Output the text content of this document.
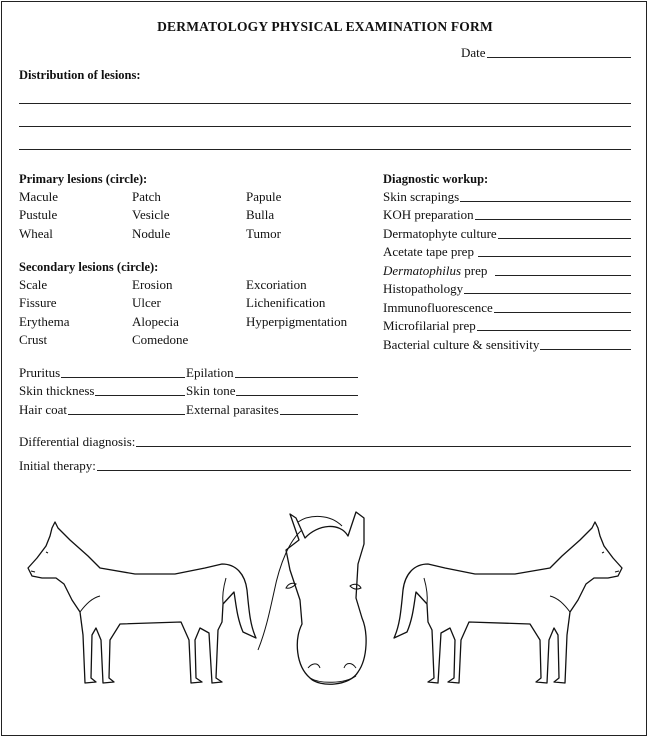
DERMATOLOGY PHYSICAL EXAMINATION FORM
Date
Distribution of lesions:
Primary lesions (circle):
Macule
Pustule
Wheal
Patch
Vesicle
Nodule
Papule
Bulla
Tumor
Secondary lesions (circle):
Scale
Fissure
Erythema
Crust
Erosion
Ulcer
Alopecia
Comedone
Excoriation
Lichenification
Hyperpigmentation
Diagnostic workup:
Skin scrapings
KOH preparation
Dermatophyte culture
Acetate tape prep
Dermatophilus
prep
Histopathology
Immunofluorescence
Microfilarial prep
Bacterial culture & sensitivity
Pruritus
Skin thickness
Hair coat
Epilation
Skin tone
External parasites
Differential diagnosis:
Initial therapy:
